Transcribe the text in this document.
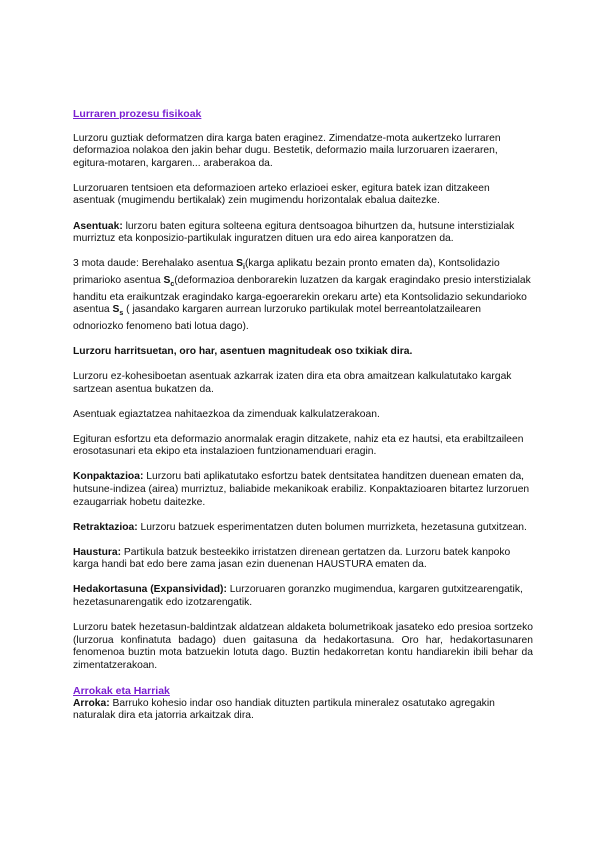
Lurraren prozesu fisikoak

Lurzoru guztiak deformatzen dira karga baten eraginez. Zimendatze-mota aukertzeko lurraren deformazioa nolakoa den jakin behar dugu. Bestetik, deformazio maila lurzoruaren izaeraren, egitura-motaren, kargaren... araberakoa da.

Lurzoruaren tentsioen eta deformazioen arteko erlazioei esker, egitura batek izan ditzakeen asentuak (mugimendu bertikalak) zein mugimendu horizontalak ebalua daitezke.

Asentuak: lurzoru baten egitura solteena egitura dentsoagoa bihurtzen da, hutsune interstizialak murriztuz eta konposizio-partikulak inguratzen dituen ura edo airea kanporatzen da.

3 mota daude: Berehalako asentua $S_i(karga$ aplikatu bezain pronto ematen da), Kontsolidazio primarioko asentua $S_c(deformazioa$ denborarekin luzatzen da kargak eragindako presio interstizialak handitu eta eraikuntzak eragindako karga-egoerarekin orekaru arte) eta Kontsolidazio sekundarioko asentua $S_s$ ( jasandako kargaren aurrean lurzoruko partikulak motel berreantolatzailearen odnoriozko fenomeno bati lotua dago).

Lurzoru harritsuetan, oro har, asentuen magnitudeak oso txikiak dira.

Lurzoru ez-kohesiboetan asentuak azkarrak izaten dira eta obra amaitzean kalkulatutako kargak sartzean asentua bukatzen da.

Asentuak egiaztatzea nahitaezkoa da zimenduak kalkulatzerakoan.

Egituran esfortzu eta deformazio anormalak eragin ditzakete, nahiz eta ez hautsi, eta erabiltzaileen erosotasunari eta ekipo eta instalazioen funtzionamenduari eragin.

Konpaktazioa: Lurzoru bati aplikatutako esfortzu batek dentsitatea handitzen duenean ematen da, hutsune-indizea (airea) murriztuz, baliabide mekanikoak erabiliz. Konpaktazioaren bitartez lurzoruen ezaugarriak hobetu daitezke.

Retraktazioa: Lurzoru batzuek esperimentatzen duten bolumen murrizketa, hezetasuna gutxitzean.

Haustura: Partikula batzuk besteekiko irristatzen direnean gertatzen da. Lurzoru batek kanpoko karga handi bat edo bere zama jasan ezin duenenan HAUSTURA ematen da.

Hedakortasuna (Expansividad): Lurzoruaren goranzko mugimendua, kargaren gutxitzearengatik, hezetasunarengatik edo izotzarengatik.

Lurzoru batek hezetasun-baldintzak aldatzean aldaketa bolumetrikoak jasateko edo presioa sortzeko (lurzorua konfinatuta badago) duen gaitasuna da hedakortasuna. Oro har, hedakortasunaren fenomenoa buztin mota batzuekin lotuta dago. Buztin hedakorretan kontu handiarekin ibili behar da zimentatzerakoan.

Arrokak eta Harriak

Arroka: Barruko kohesio indar oso handiak dituzten partikula mineralez osatutako agregakin naturalak dira eta jatorria arkaitzak dira.
